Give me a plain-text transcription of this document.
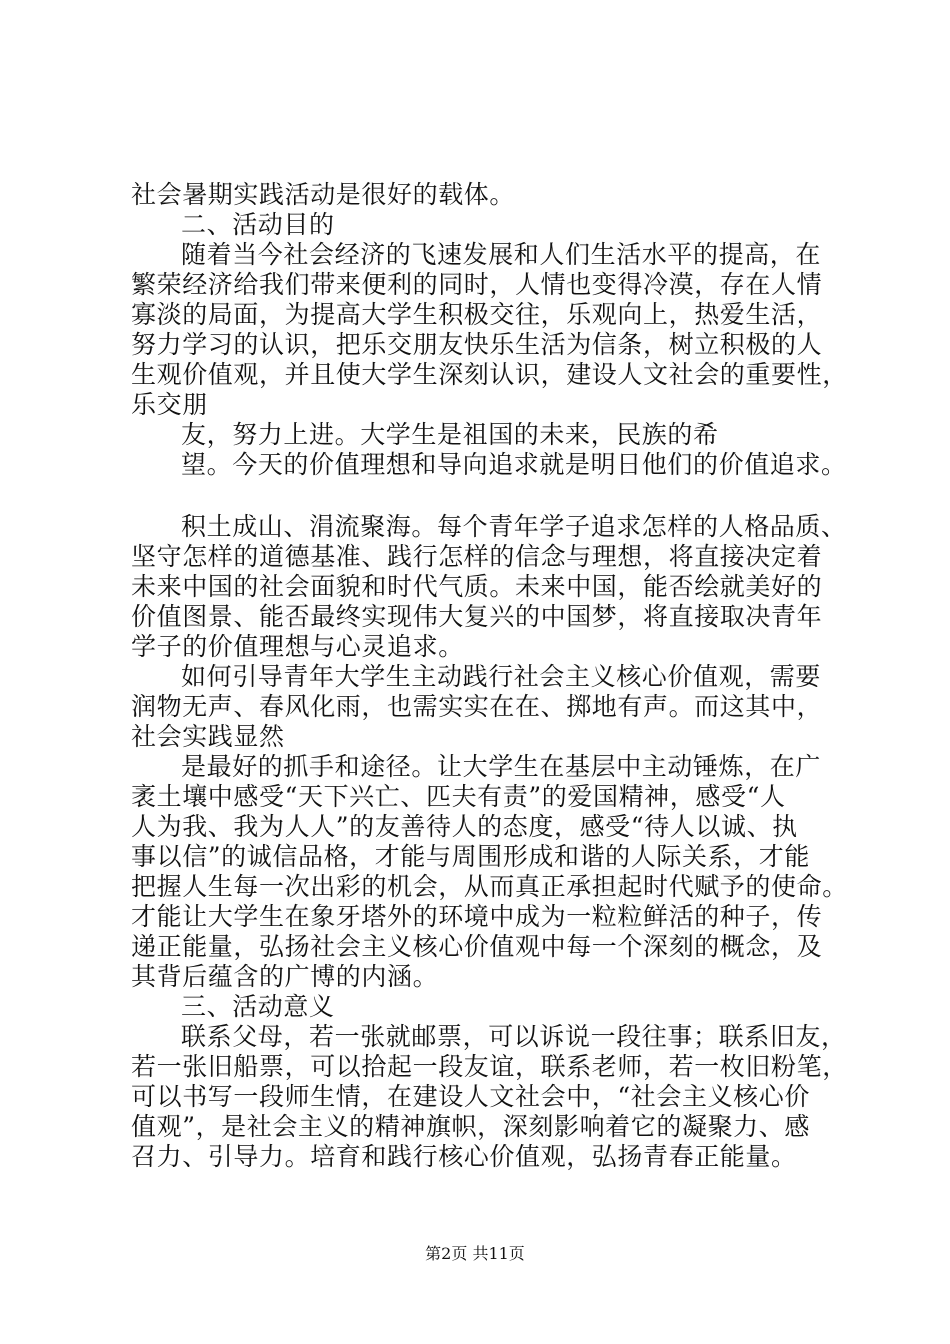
社会暑期实践活动是很好的载体。
二、活动目的
随着当今社会经济的飞速发展和人们生活水平的提高，在
繁荣经济给我们带来便利的同时，人情也变得冷漠，存在人情
寡淡的局面，为提高大学生积极交往，乐观向上，热爱生活，
努力学习的认识，把乐交朋友快乐生活为信条，树立积极的人
生观价值观，并且使大学生深刻认识，建设人文社会的重要性，
乐交朋
友，努力上进。大学生是祖国的未来，民族的希
望。今天的价值理想和导向追求就是明日他们的价值追求。
积土成山、涓流聚海。每个青年学子追求怎样的人格品质、
坚守怎样的道德基准、践行怎样的信念与理想，将直接决定着
未来中国的社会面貌和时代气质。未来中国，能否绘就美好的
价值图景、能否最终实现伟大复兴的中国梦，将直接取决青年
学子的价值理想与心灵追求。
如何引导青年大学生主动践行社会主义核心价值观，需要
润物无声、春风化雨，也需实实在在、掷地有声。而这其中，
社会实践显然
是最好的抓手和途径。让大学生在基层中主动锤炼，在广
袤土壤中感受“天下兴亡、匹夫有责”的爱国精神，感受“人
人为我、我为人人”的友善待人的态度，感受“待人以诚、执
事以信”的诚信品格，才能与周围形成和谐的人际关系，才能
把握人生每一次出彩的机会，从而真正承担起时代赋予的使命。
才能让大学生在象牙塔外的环境中成为一粒粒鲜活的种子，传
递正能量，弘扬社会主义核心价值观中每一个深刻的概念，及
其背后蕴含的广博的内涵。
三、活动意义
联系父母，若一张就邮票，可以诉说一段往事；联系旧友，
若一张旧船票，可以拾起一段友谊，联系老师，若一枚旧粉笔，
可以书写一段师生情，在建设人文社会中，“社会主义核心价
值观”，是社会主义的精神旗帜，深刻影响着它的凝聚力、感
召力、引导力。培育和践行核心价值观，弘扬青春正能量。
第2页 共11页
